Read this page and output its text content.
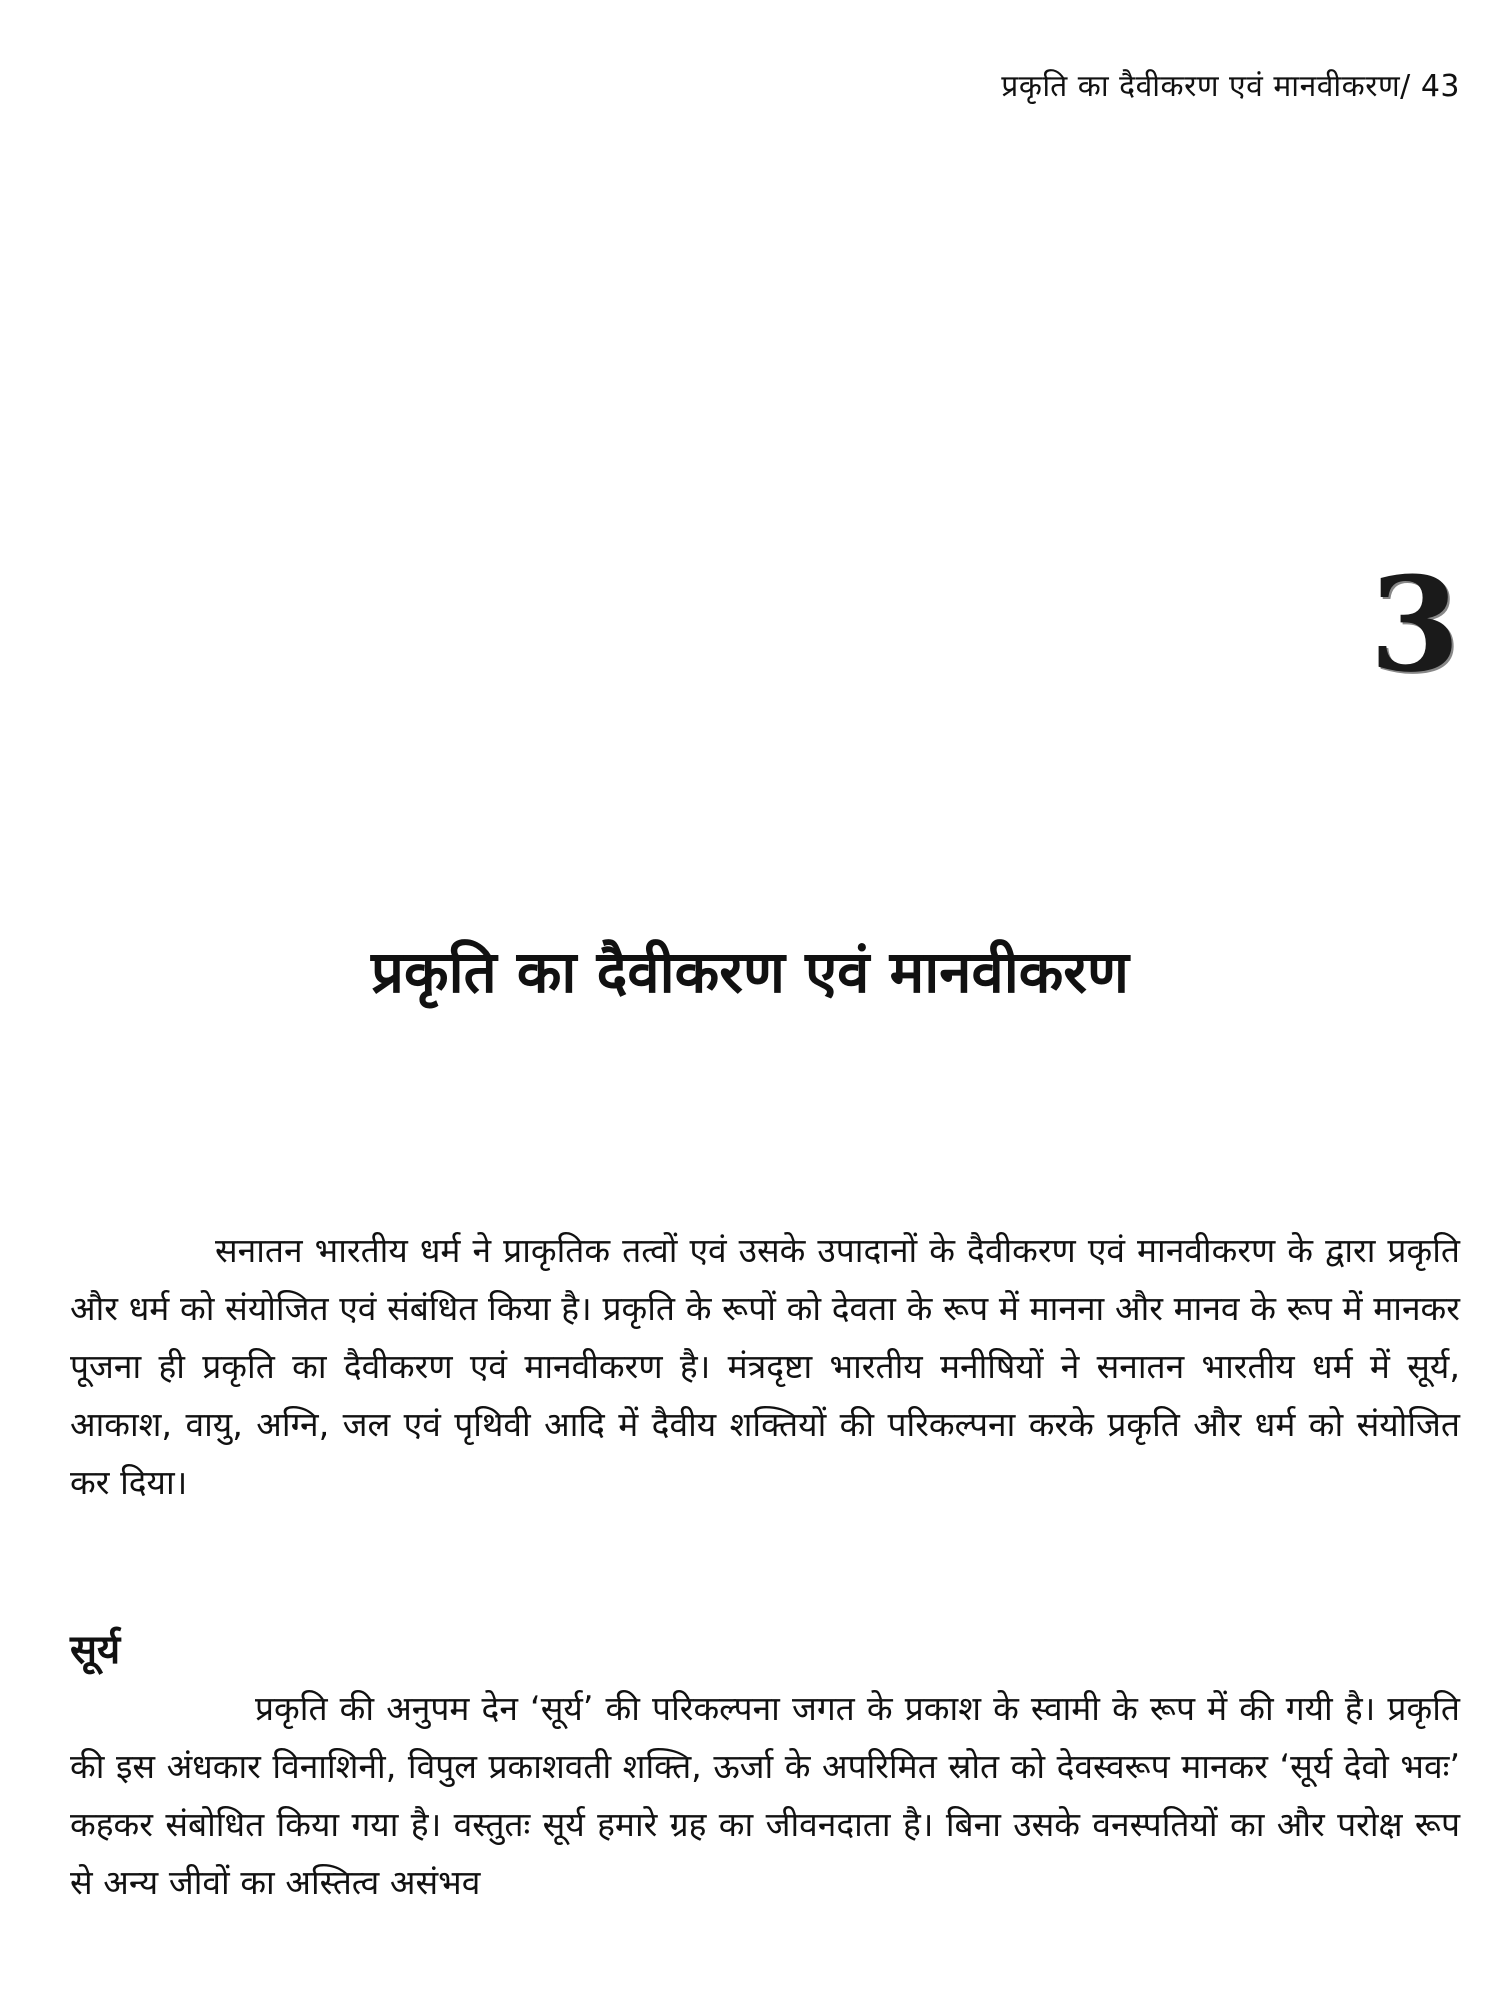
प्रकृति का दैवीकरण एवं मानवीकरण/ 43
3
प्रकृति का दैवीकरण एवं मानवीकरण

सनातन भारतीय धर्म ने प्राकृतिक तत्वों एवं उसके उपादानों के दैवीकरण एवं मानवीकरण के द्वारा प्रकृति और धर्म को संयोजित एवं संबंधित किया है। प्रकृति के रूपों को देवता के रूप में मानना और मानव के रूप में मानकर पूजना ही प्रकृति का दैवीकरण एवं मानवीकरण है। मंत्रदृष्टा भारतीय मनीषियों ने सनातन भारतीय धर्म में सूर्य, आकाश, वायु, अग्नि, जल एवं पृथिवी आदि में दैवीय शक्तियों की परिकल्पना करके प्रकृति और धर्म को संयोजित कर दिया।

सूर्य

प्रकृति की अनुपम देन ‘सूर्य’ की परिकल्पना जगत के प्रकाश के स्वामी के रूप में की गयी है। प्रकृति की इस अंधकार विनाशिनी, विपुल प्रकाशवती शक्ति, ऊर्जा के अपरिमित स्रोत को देवस्वरूप मानकर ‘सूर्य देवो भवः’ कहकर संबोधित किया गया है। वस्तुतः सूर्य हमारे ग्रह का जीवनदाता है। बिना उसके वनस्पतियों का और परोक्ष रूप से अन्य जीवों का अस्तित्व असंभव
